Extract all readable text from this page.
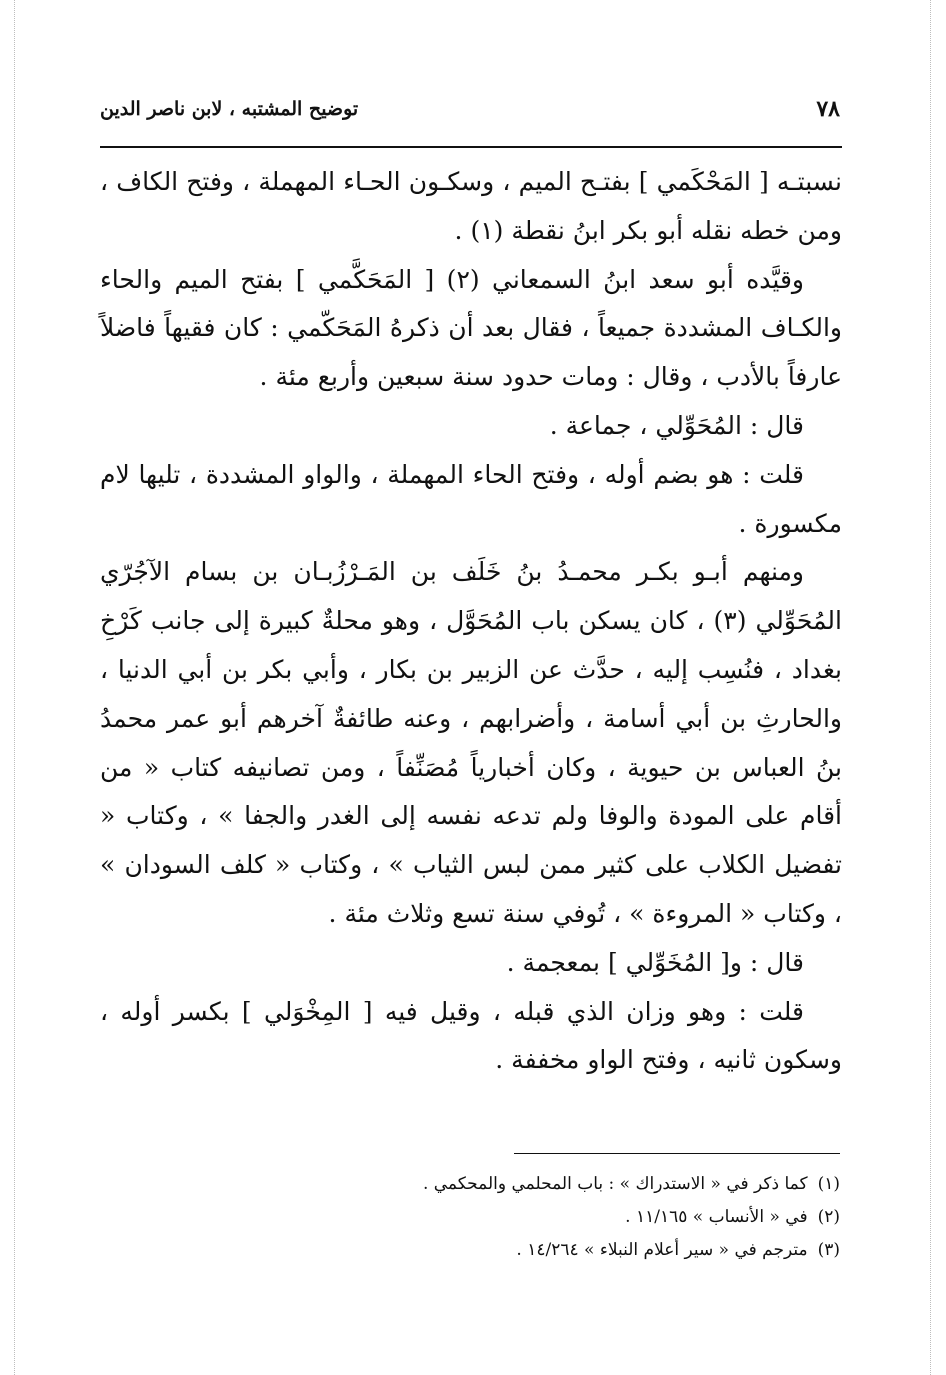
٧٨
توضيح المشتبه ، لابن ناصر الدين

نسبتـه [ المَحْكَمي ] بفتـح الميم ، وسكـون الحـاء المهملة ، وفتح الكاف ، ومن خطه نقله أبو بكر ابنُ نقطة (١) .

وقيَّده أبو سعد ابنُ السمعاني (٢) [ المَحَكَّمي ] بفتح الميم والحاء والكـاف المشددة جميعاً ، فقال بعد أن ذكرهُ المَحَكّمي : كان فقيهاً فاضلاً عارفاً بالأدب ، وقال : ومات حدود سنة سبعين وأربع مئة .

قال : المُحَوِّلي ، جماعة .

قلت : هو بضم أوله ، وفتح الحاء المهملة ، والواو المشددة ، تليها لام مكسورة .

ومنهم أبـو بكـر محمـدُ بنُ خَلَف بن المَـرْزُبـان بن بسام الآجُرّي المُحَوِّلي (٣) ، كان يسكن باب المُحَوَّل ، وهو محلةٌ كبيرة إلى جانب كَرْخِ بغداد ، فنُسِب إليه ، حدَّث عن الزبير بن بكار ، وأبي بكر بن أبي الدنيا ، والحارثِ بن أبي أسامة ، وأضرابهم ، وعنه طائفةٌ آخرهم أبو عمر محمدُ بنُ العباس بن حيوية ، وكان أخبارياً مُصَنِّفاً ، ومن تصانيفه كتاب « من أقام على المودة والوفا ولم تدعه نفسه إلى الغدر والجفا » ، وكتاب « تفضيل الكلاب على كثير ممن لبس الثياب » ، وكتاب « كلف السودان » ، وكتاب « المروءة » ، تُوفي سنة تسع وثلاث مئة .

قال : و[ المُخَوِّلي ] بمعجمة .

قلت : وهو وزان الذي قبله ، وقيل فيه [ المِخْوَلي ] بكسر أوله ، وسكون ثانيه ، وفتح الواو مخففة .

(١)كما ذكر في « الاستدراك » : باب المحلمي والمحكمي .
(٢)في « الأنساب » ١١/١٦٥ .
(٣)مترجم في « سير أعلام النبلاء » ١٤/٢٦٤ .
